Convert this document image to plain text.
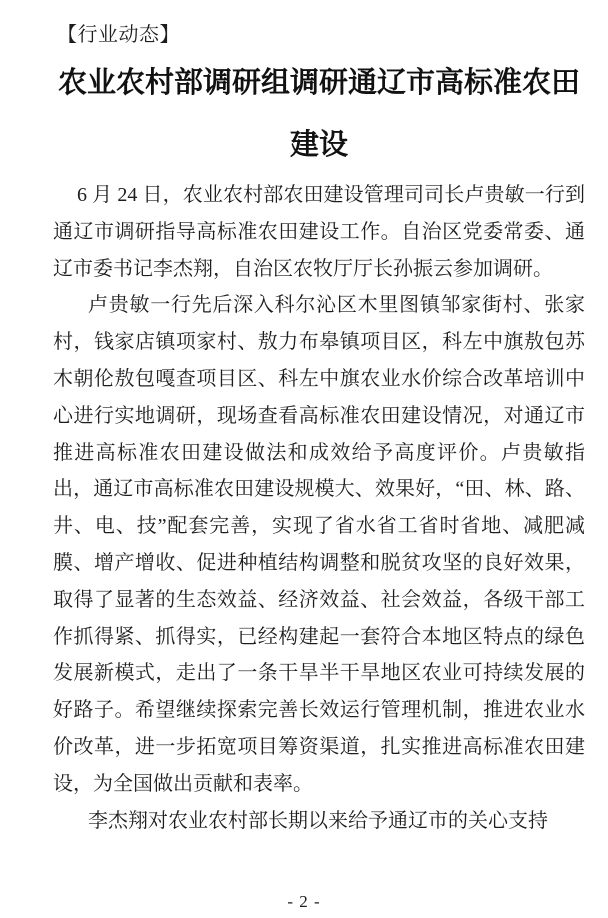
【行业动态】
农业农村部调研组调研通辽市高标准农田建设

6 月 24 日，农业农村部农田建设管理司司长卢贵敏一行到通辽市调研指导高标准农田建设工作。自治区党委常委、通辽市委书记李杰翔，自治区农牧厅厅长孙振云参加调研。

卢贵敏一行先后深入科尔沁区木里图镇邹家街村、张家村，钱家店镇项家村、敖力布皋镇项目区，科左中旗敖包苏木朝伦敖包嘎查项目区、科左中旗农业水价综合改革培训中心进行实地调研，现场查看高标准农田建设情况，对通辽市推进高标准农田建设做法和成效给予高度评价。卢贵敏指出，通辽市高标准农田建设规模大、效果好，“田、林、路、井、电、技”配套完善，实现了省水省工省时省地、减肥减膜、增产增收、促进种植结构调整和脱贫攻坚的良好效果，取得了显著的生态效益、经济效益、社会效益，各级干部工作抓得紧、抓得实，已经构建起一套符合本地区特点的绿色发展新模式，走出了一条干旱半干旱地区农业可持续发展的好路子。希望继续探索完善长效运行管理机制，推进农业水价改革，进一步拓宽项目筹资渠道，扎实推进高标准农田建设，为全国做出贡献和表率。

李杰翔对农业农村部长期以来给予通辽市的关心支持

- 2 -
